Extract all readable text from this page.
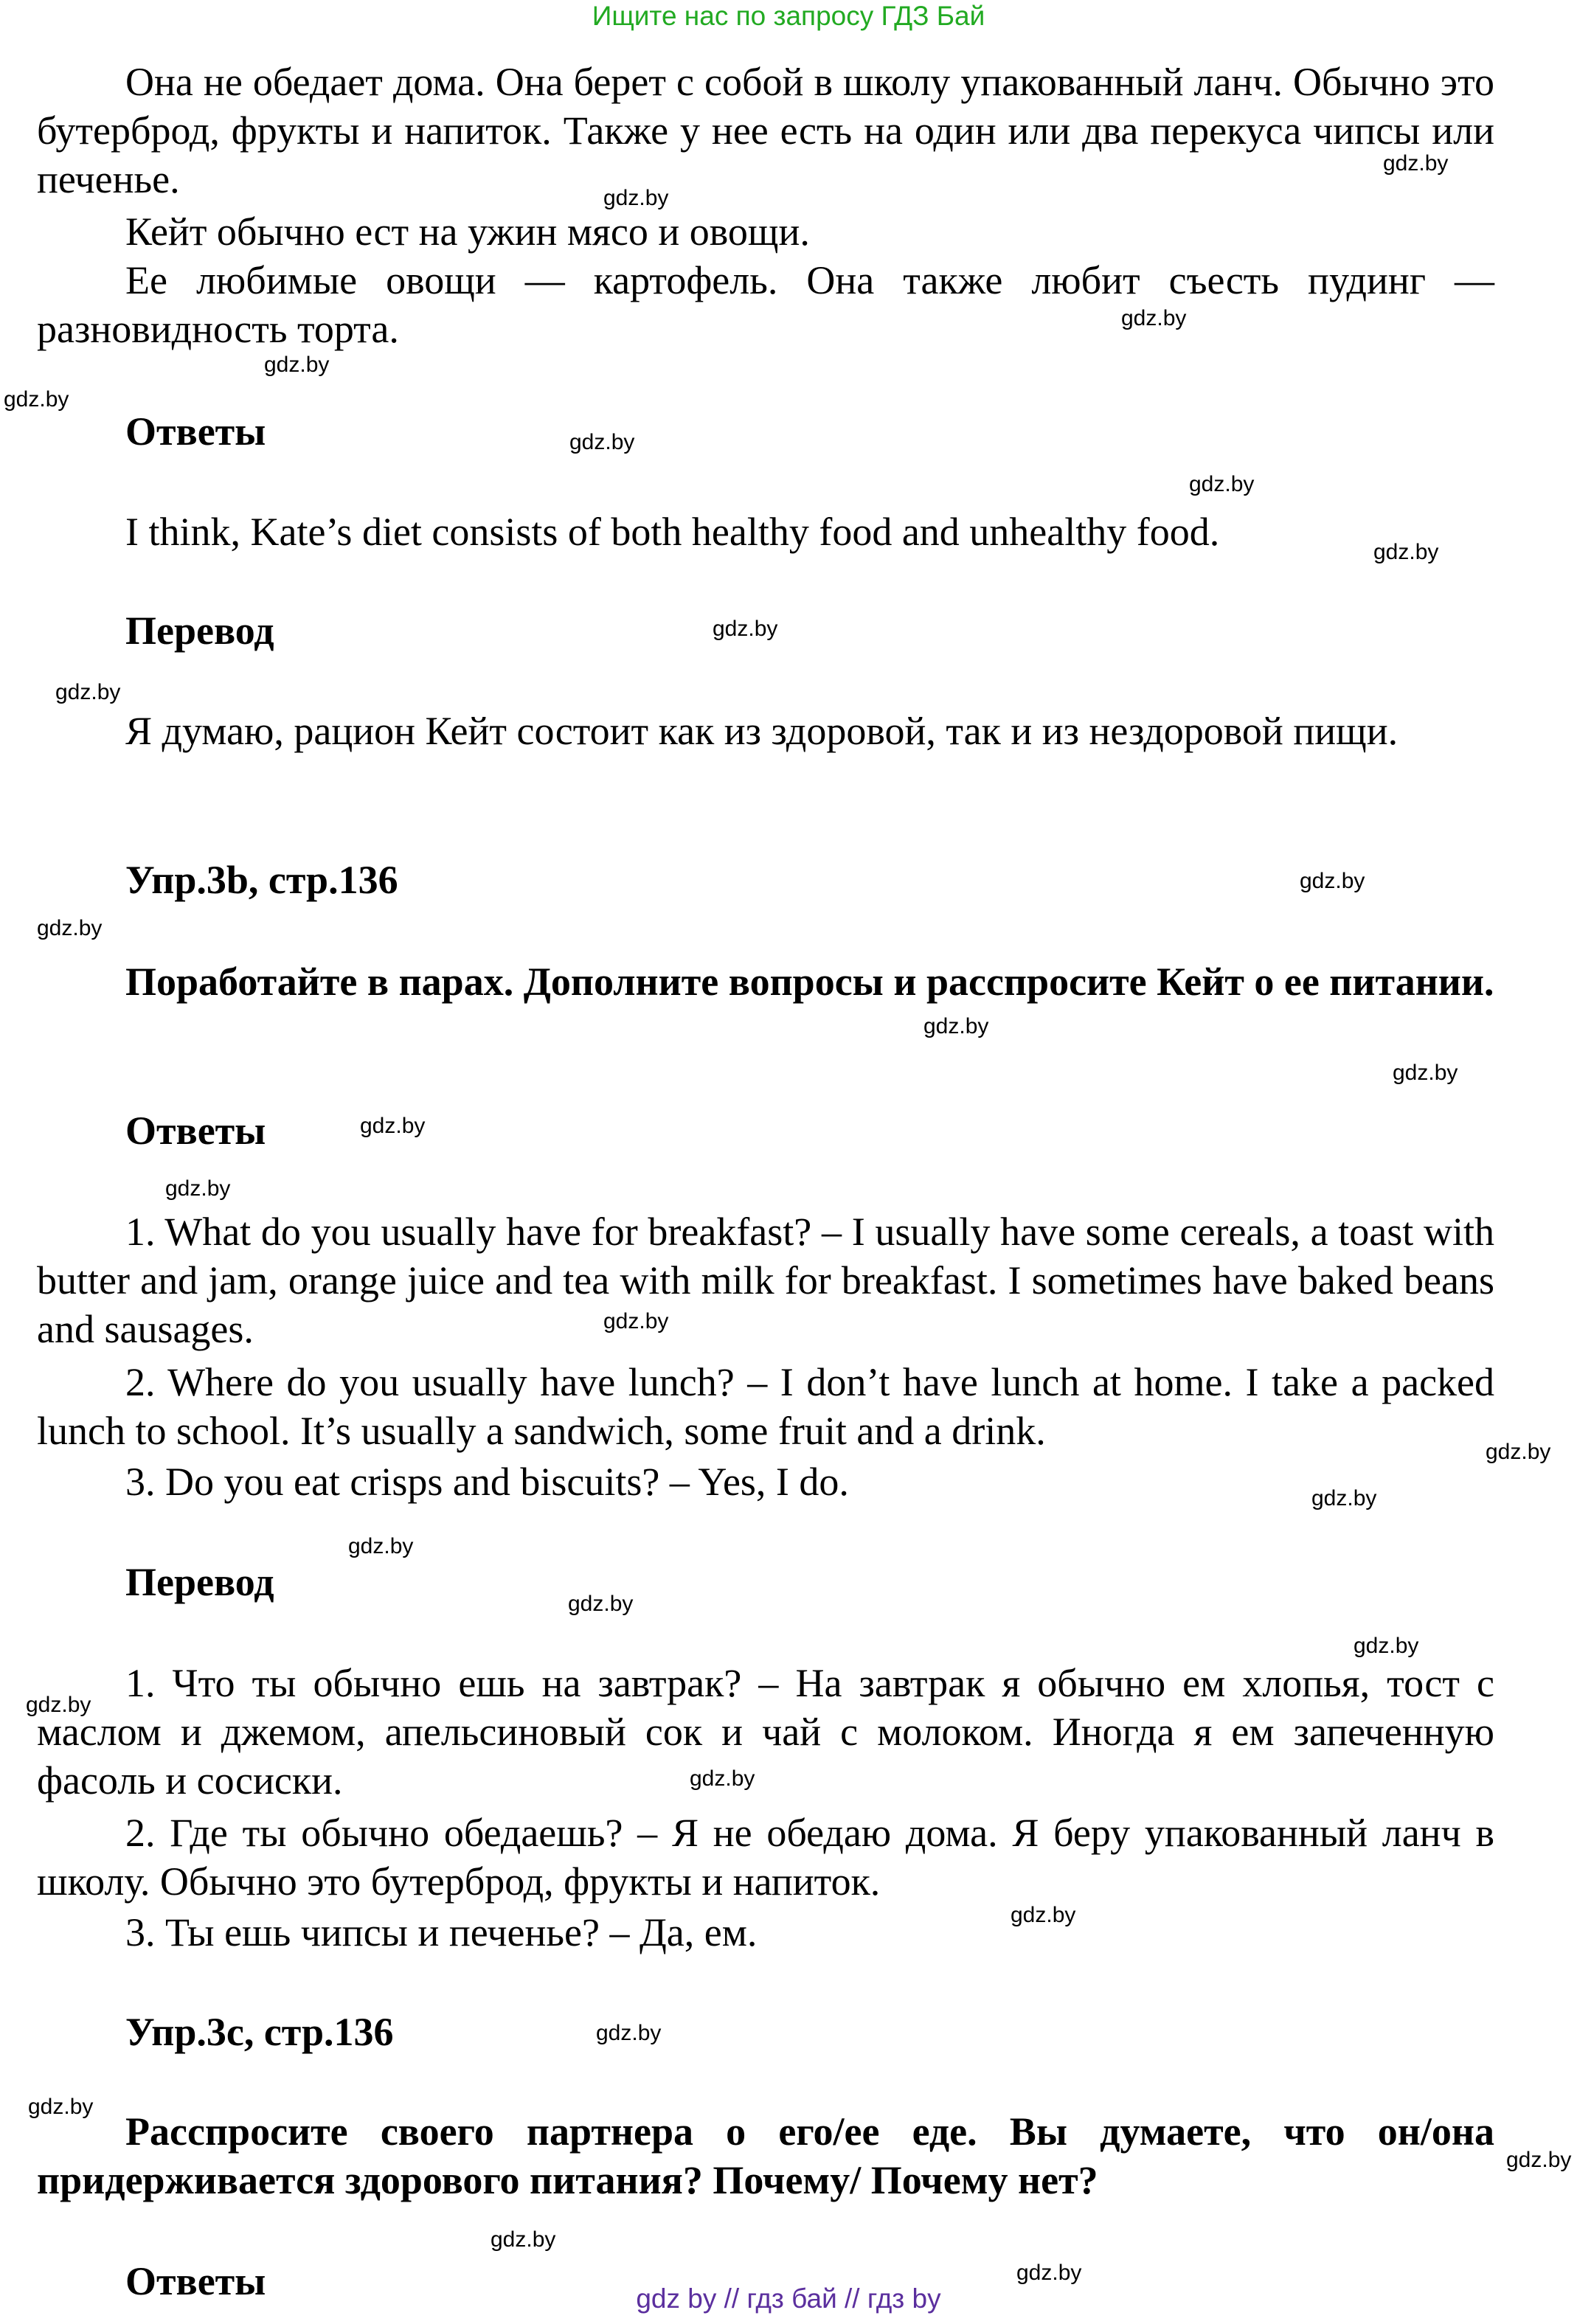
Ищите нас по запросу ГДЗ Бай
Она не обедает дома. Она берет с собой в школу упакованный ланч. Обычно это бутерброд, фрукты и напиток. Также у нее есть на один или два перекуса чипсы или печенье.
Кейт обычно ест на ужин мясо и овощи.
Ее любимые овощи — картофель. Она также любит съесть пудинг — разновидность торта.
Ответы
I think, Kate’s diet consists of both healthy food and unhealthy food.
Перевод
Я думаю, рацион Кейт состоит как из здоровой, так и из нездоровой пищи.
Упр.3b, стр.136
Поработайте в парах. Дополните вопросы и расспросите Кейт о ее питании.
Ответы
1. What do you usually have for breakfast? – I usually have some cereals, a toast with butter and jam, orange juice and tea with milk for breakfast. I sometimes have baked beans and sausages.
2. Where do you usually have lunch? – I don’t have lunch at home. I take a packed lunch to school. It’s usually a sandwich, some fruit and a drink.
3. Do you eat crisps and biscuits? – Yes, I do.
Перевод
1. Что ты обычно ешь на завтрак? – На завтрак я обычно ем хлопья, тост с маслом и джемом, апельсиновый сок и чай с молоком. Иногда я ем запеченную фасоль и сосиски.
2. Где ты обычно обедаешь? – Я не обедаю дома. Я беру упакованный ланч в школу. Обычно это бутерброд, фрукты и напиток.
3. Ты ешь чипсы и печенье? – Да, ем.
Упр.3c, стр.136
Расспросите своего партнера о его/ее еде. Вы думаете, что он/она придерживается здорового питания? Почему/ Почему нет?
Ответы
gdz.by
gdz.by
gdz.by
gdz.by
gdz.by
gdz.by
gdz.by
gdz.by
gdz.by
gdz.by
gdz.by
gdz.by
gdz.by
gdz.by
gdz.by
gdz.by
gdz.by
gdz.by
gdz.by
gdz.by
gdz.by
gdz.by
gdz.by
gdz.by
gdz.by
gdz.by
gdz.by
gdz.by
gdz.by
gdz.by
gdz by // гдз бай // гдз by
